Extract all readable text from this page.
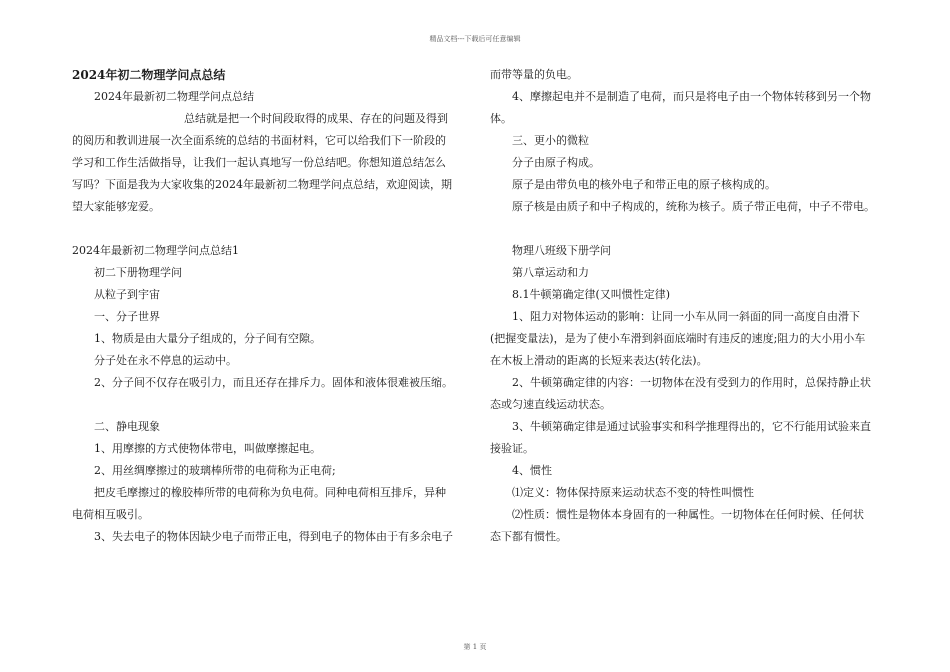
精品文档---下载后可任意编辑

2024年初二物理学问点总结

2024年最新初二物理学问点总结

总结就是把一个时间段取得的成果、存在的问题及得到

的阅历和教训进展一次全面系统的总结的书面材料，它可以给我们下一阶段的

学习和工作生活做指导，让我们一起认真地写一份总结吧。你想知道总结怎么

写吗？下面是我为大家收集的2024年最新初二物理学问点总结，欢迎阅读，期

望大家能够宠爱。

2024年最新初二物理学问点总结1

初二下册物理学问

从粒子到宇宙

一、分子世界

1、物质是由大量分子组成的，分子间有空隙。

分子处在永不停息的运动中。

2、分子间不仅存在吸引力，而且还存在排斥力。固体和液体很难被压缩。

二、静电现象

1、用摩擦的方式使物体带电，叫做摩擦起电。

2、用丝绸摩擦过的玻璃棒所带的电荷称为正电荷;

把皮毛摩擦过的橡胶棒所带的电荷称为负电荷。同种电荷相互排斥，异种

电荷相互吸引。

3、失去电子的物体因缺少电子而带正电，得到电子的物体由于有多余电子

而带等量的负电。

4、摩擦起电并不是制造了电荷，而只是将电子由一个物体转移到另一个物

体。

三、更小的微粒

分子由原子构成。

原子是由带负电的核外电子和带正电的原子核构成的。

原子核是由质子和中子构成的，统称为核子。质子带正电荷，中子不带电。

物理八班级下册学问

第八章运动和力

8.1牛顿第确定律(又叫惯性定律)

1、阻力对物体运动的影响：让同一小车从同一斜面的同一高度自由滑下

(把握变量法)，是为了使小车滑到斜面底端时有违反的速度;阻力的大小用小车

在木板上滑动的距离的长短来表达(转化法)。

2、牛顿第确定律的内容：一切物体在没有受到力的作用时，总保持静止状

态或匀速直线运动状态。

3、牛顿第确定律是通过试验事实和科学推理得出的，它不行能用试验来直

接验证。

4、惯性

⑴定义：物体保持原来运动状态不变的特性叫惯性

⑵性质：惯性是物体本身固有的一种属性。一切物体在任何时候、任何状

态下都有惯性。

第 1 页
